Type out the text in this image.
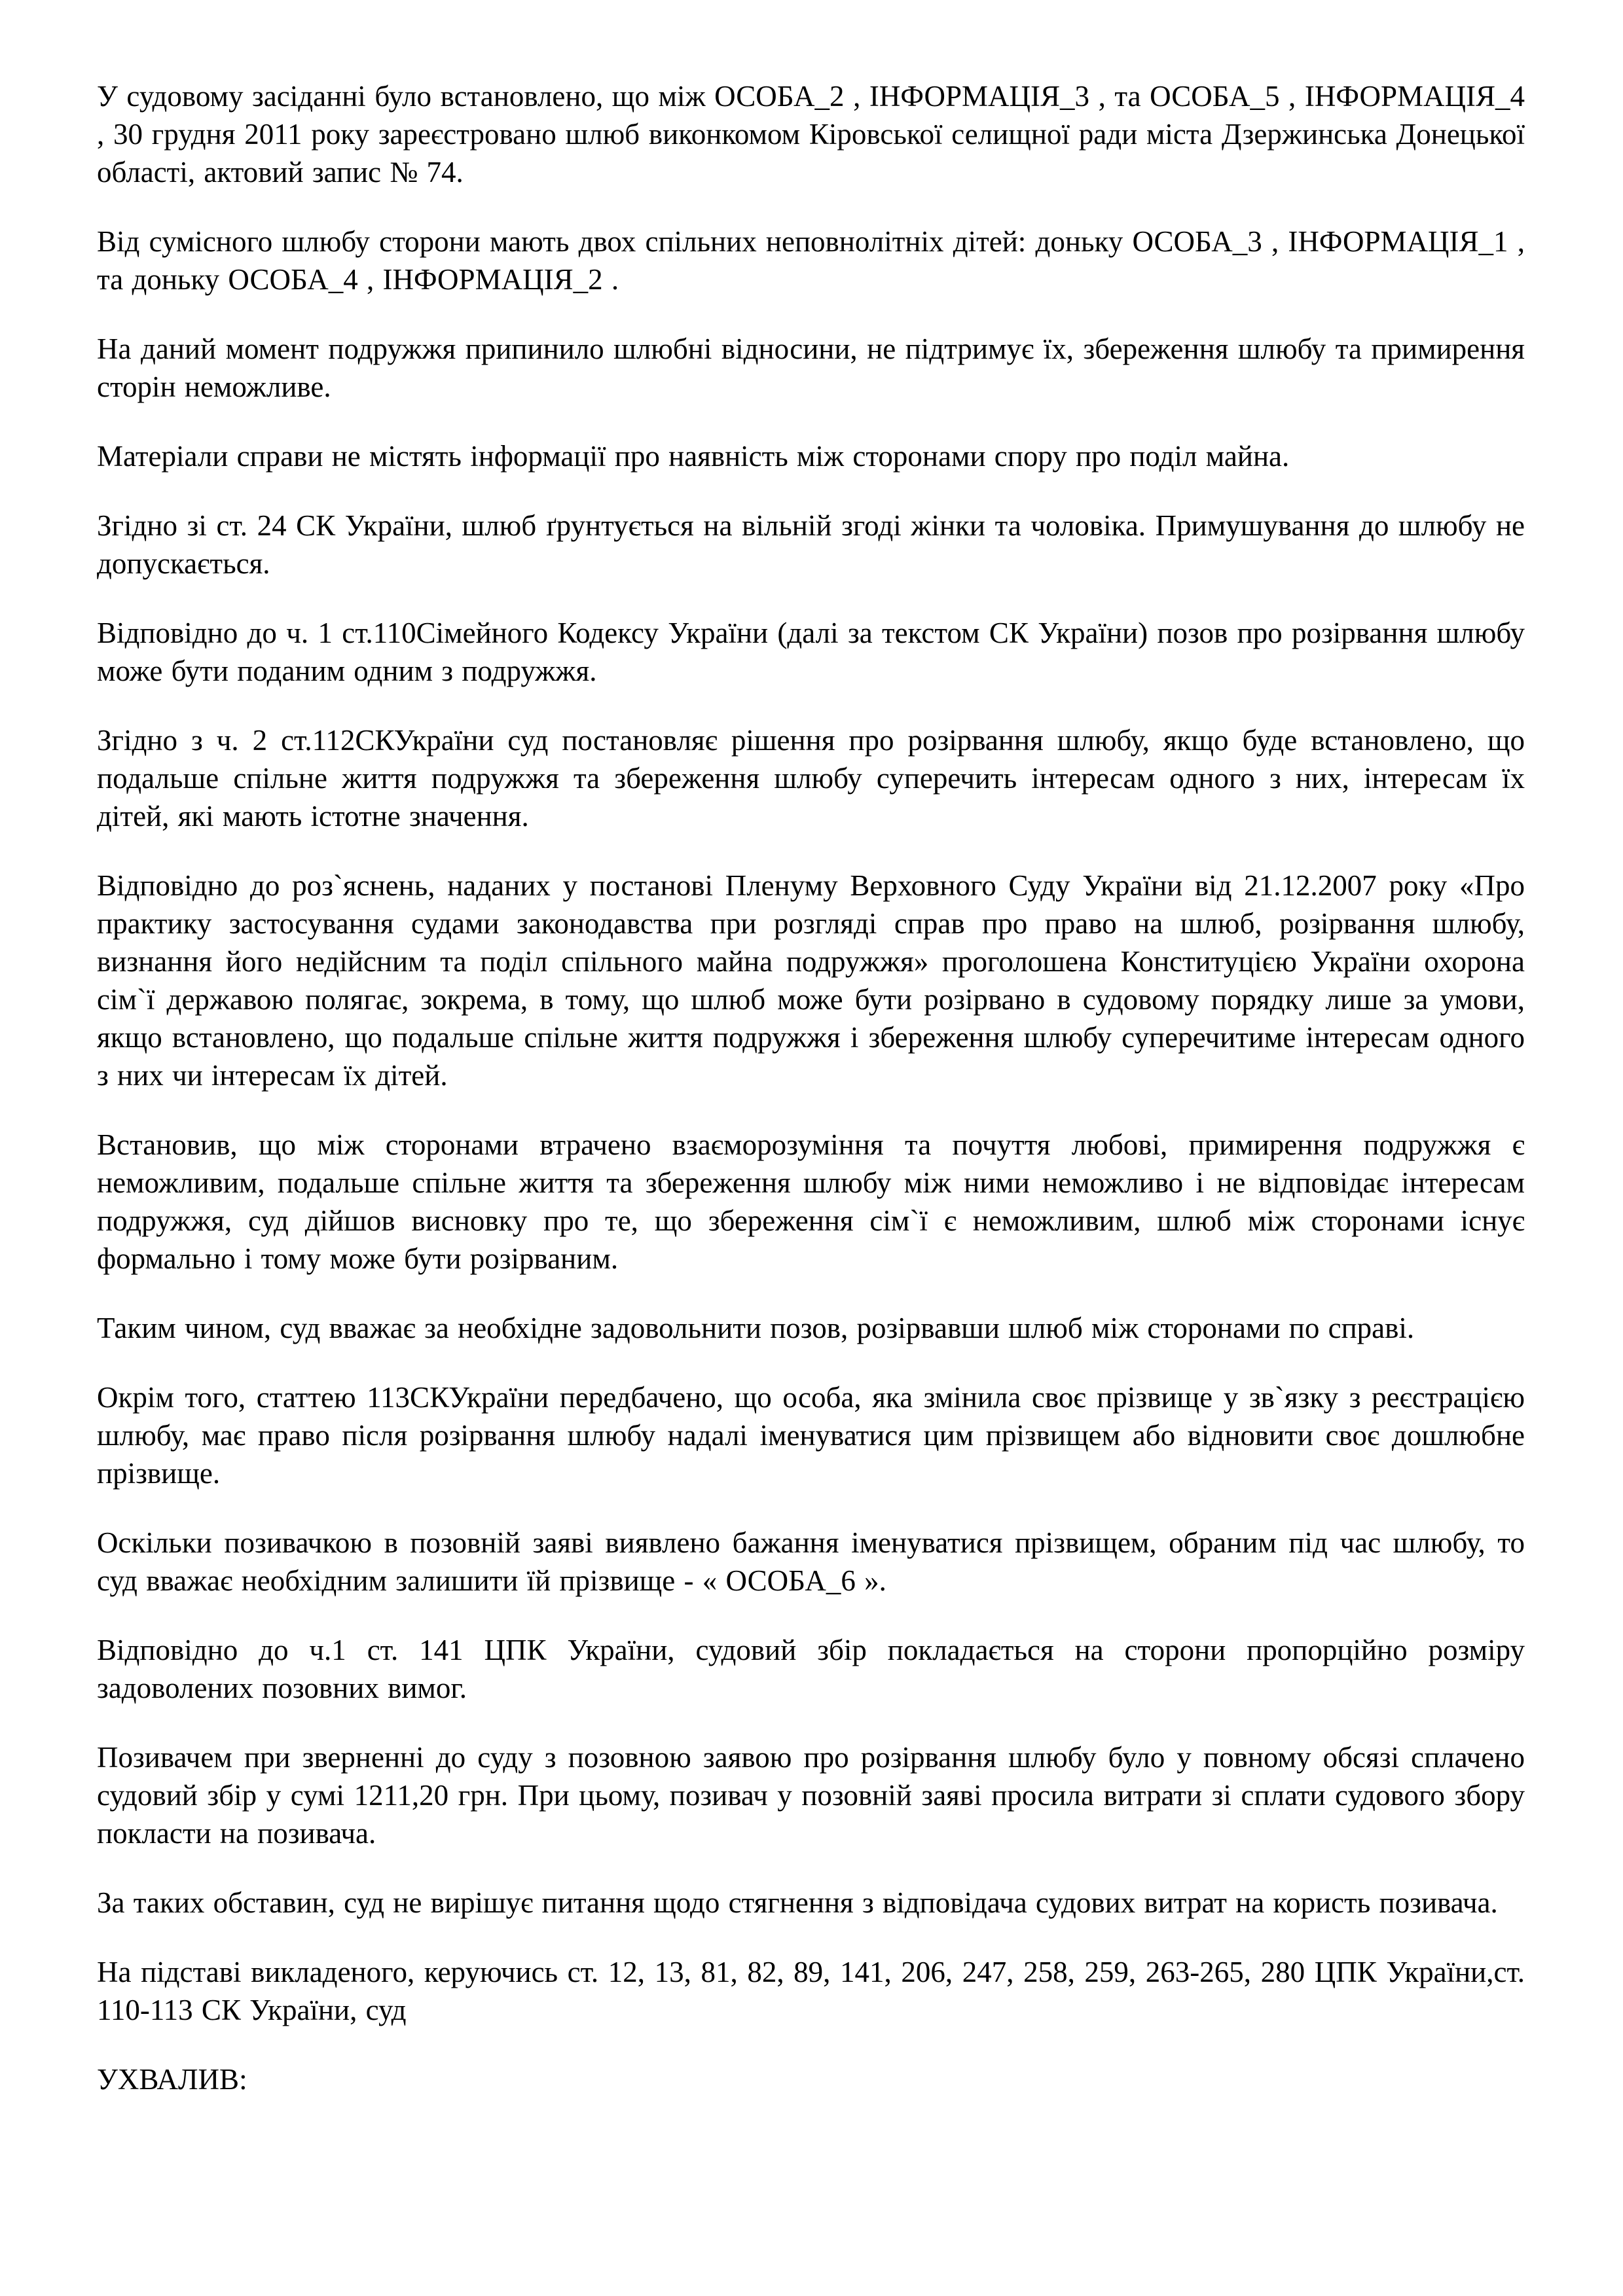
У судовому засіданні було встановлено, що між ОСОБА_2 , ІНФОРМАЦІЯ_3 , та ОСОБА_5 , ІНФОРМАЦІЯ_4 , 30 грудня 2011 року зареєстровано шлюб виконкомом Кіровської селищної ради міста Дзержинська Донецької області, актовий запис № 74.

Від сумісного шлюбу сторони мають двох спільних неповнолітніх дітей: доньку ОСОБА_3 , ІНФОРМАЦІЯ_1 , та доньку ОСОБА_4 , ІНФОРМАЦІЯ_2 .

На даний момент подружжя припинило шлюбні відносини, не підтримує їх, збереження шлюбу та примирення сторін неможливе.

Матеріали справи не містять інформації про наявність між сторонами спору про поділ майна.

Згідно зі ст. 24 СК України, шлюб ґрунтується на вільній згоді жінки та чоловіка. Примушування до шлюбу не допускається.

Відповідно до ч. 1 ст.110Сімейного Кодексу України (далі за текстом СК України) позов про розірвання шлюбу може бути поданим одним з подружжя.

Згідно з ч. 2 ст.112СКУкраїни суд постановляє рішення про розірвання шлюбу, якщо буде встановлено, що подальше спільне життя подружжя та збереження шлюбу суперечить інтересам одного з них, інтересам їх дітей, які мають істотне значення.

Відповідно до роз`яснень, наданих у постанові Пленуму Верховного Суду України від 21.12.2007 року «Про практику застосування судами законодавства при розгляді справ про право на шлюб, розірвання шлюбу, визнання його недійсним та поділ спільного майна подружжя» проголошена Конституцією України охорона сім`ї державою полягає, зокрема, в тому, що шлюб може бути розірвано в судовому порядку лише за умови, якщо встановлено, що подальше спільне життя подружжя і збереження шлюбу суперечитиме інтересам одного з них чи інтересам їх дітей.

Встановив, що між сторонами втрачено взаєморозуміння та почуття любові, примирення подружжя є неможливим, подальше спільне життя та збереження шлюбу між ними неможливо і не відповідає інтересам подружжя, суд дійшов висновку про те, що збереження сім`ї є неможливим, шлюб між сторонами існує формально і тому може бути розірваним.

Таким чином, суд вважає за необхідне задовольнити позов, розірвавши шлюб між сторонами по справі.

Окрім того, статтею 113СКУкраїни передбачено, що особа, яка змінила своє прізвище у зв`язку з реєстрацією шлюбу, має право після розірвання шлюбу надалі іменуватися цим прізвищем або відновити своє дошлюбне прізвище.

Оскільки позивачкою в позовній заяві виявлено бажання іменуватися прізвищем, обраним під час шлюбу, то суд вважає необхідним залишити їй прізвище - « ОСОБА_6 ».

Відповідно до ч.1 ст. 141 ЦПК України, судовий збір покладається на сторони пропорційно розміру задоволених позовних вимог.

Позивачем при зверненні до суду з позовною заявою про розірвання шлюбу було у повному обсязі сплачено судовий збір у сумі 1211,20 грн. При цьому, позивач у позовній заяві просила витрати зі сплати судового збору покласти на позивача.

За таких обставин, суд не вирішує питання щодо стягнення з відповідача судових витрат на користь позивача.

На підставі викладеного, керуючись ст. 12, 13, 81, 82, 89, 141, 206, 247, 258, 259, 263-265, 280 ЦПК України,ст. 110-113 СК України, суд

УХВАЛИВ:
